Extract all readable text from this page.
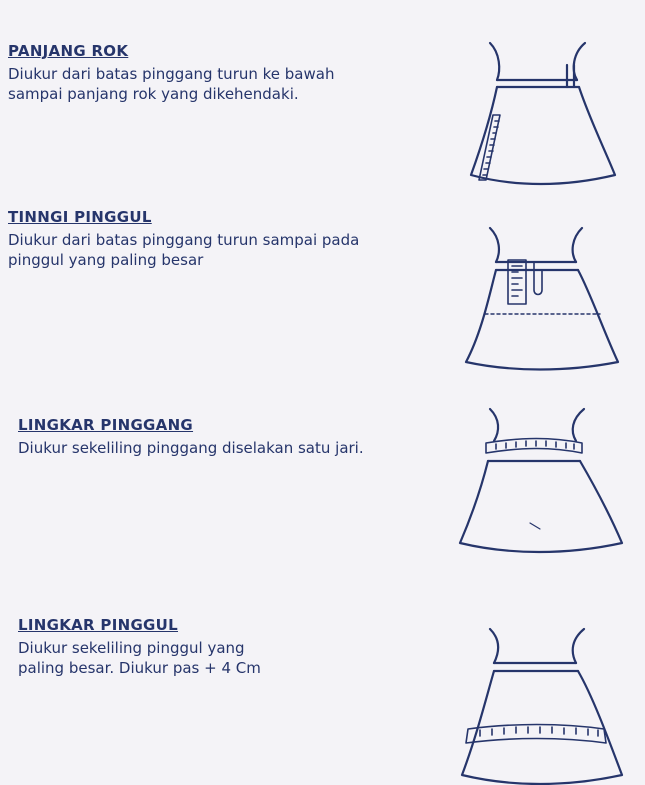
PANJANG ROK

Diukur dari batas pinggang turun ke bawah
sampai panjang rok yang dikehendaki.

TINNGI PINGGUL

Diukur dari batas pinggang turun sampai pada
pinggul yang paling besar

LINGKAR PINGGANG

Diukur sekeliling pinggang diselakan satu jari.

LINGKAR PINGGUL

Diukur sekeliling pinggul yang
paling besar. Diukur pas + 4 Cm
